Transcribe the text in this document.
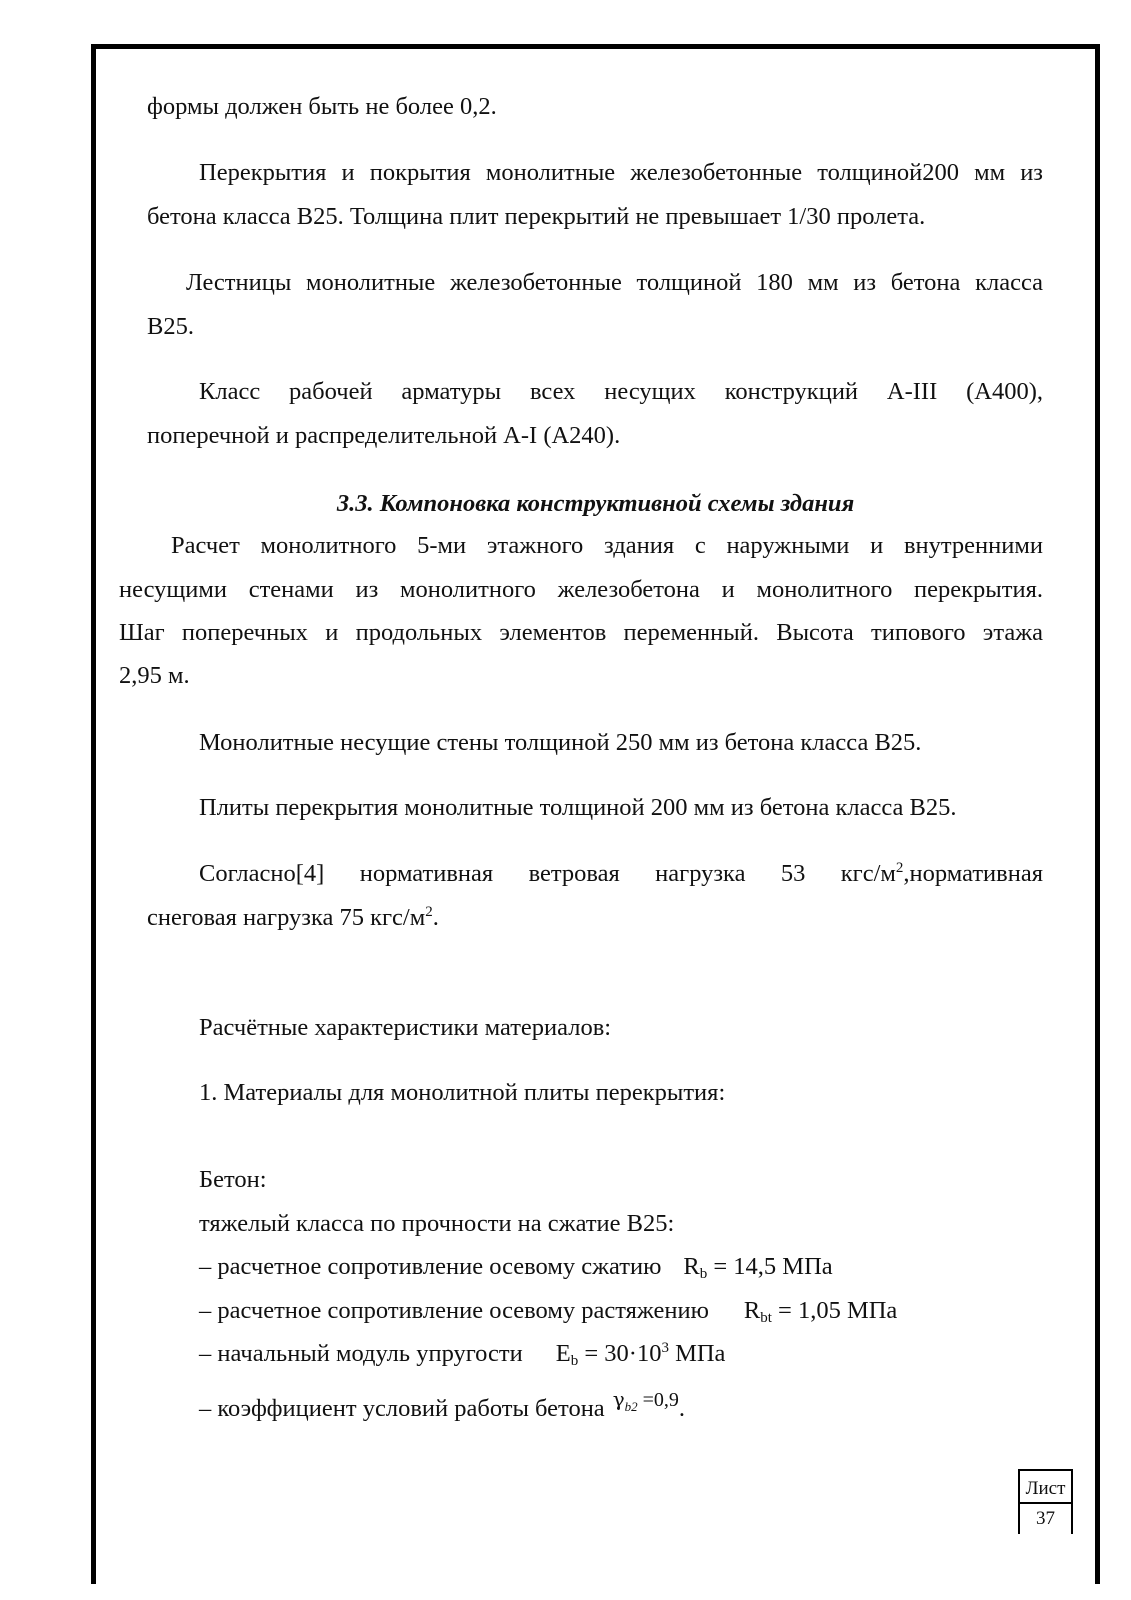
формы должен быть не более 0,2.

Перекрытия и покрытия монолитные железобетонные толщиной200 мм из

бетона класса В25. Толщина плит перекрытий не превышает 1/30 пролета.

Лестницы монолитные железобетонные толщиной 180 мм из бетона класса

В25.

Класс рабочей арматуры всех несущих конструкций А-III (А400),

поперечной и распределительной А-I (А240).

3.3. Компоновка конструктивной схемы здания

Расчет монолитного 5-ми этажного здания с наружными и внутренними

несущими стенами из монолитного железобетона и монолитного перекрытия.

Шаг поперечных и продольных элементов переменный. Высота типового этажа

2,95 м.

Монолитные несущие стены толщиной 250 мм из бетона класса В25.

Плиты перекрытия монолитные толщиной 200 мм из бетона класса В25.

Согласно[4] нормативная ветровая нагрузка 53 кгс/$м^2,нормативная$

снеговая нагрузка 75 кгс/$м^2$.

Расчётные характеристики материалов:

1. Материалы для монолитной плиты перекрытия:

Бетон:

тяжелый класса по прочности на сжатие В25:

– расчетное сопротивление осевому сжатию $R_b = 14,5$ МПа

– расчетное сопротивление осевому растяжению $R_{bt} = 1,05$ МПа

– начальный модуль упругости $E_b = 30\cdot 10^3$ МПа

– коэффициент условий работы бетона $\gamma_{b2} =0,9$.

Лист
37
